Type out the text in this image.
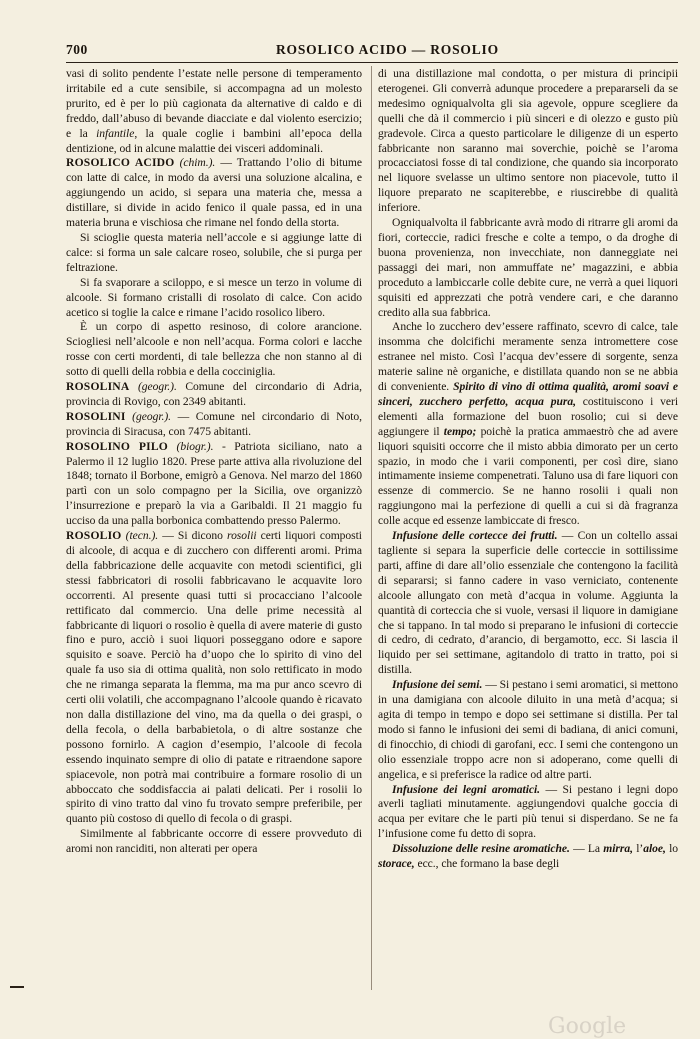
700	ROSOLICO ACIDO — ROSOLIO

vasi di solito pendente l’estate nelle persone di temperamento irritabile ed a cute sensibile, si accompagna ad un molesto prurito, ed è per lo più cagionata da alternative di caldo e di freddo, dall’abuso di bevande diacciate e dal violento esercizio; e la infantile, la quale coglie i bambini all’epoca della dentizione, od in alcune malattie dei visceri addominali.

ROSOLICO ACIDO (chim.). — Trattando l’olio di bitume con latte di calce, in modo da aversi una soluzione alcalina, e aggiungendo un acido, si separa una materia che, messa a distillare, si divide in acido fenico il quale passa, ed in una materia bruna e vischiosa che rimane nel fondo della storta.

Si scioglie questa materia nell’accole e si aggiunge latte di calce: si forma un sale calcare roseo, solubile, che si purga per feltrazione.

Si fa svaporare a sciloppo, e si mesce un terzo in volume di alcoole. Si formano cristalli di rosolato di calce. Con acido acetico si toglie la calce e rimane l’acido rosolico libero.

È un corpo di aspetto resinoso, di colore arancione. Sciogliesi nell’alcoole e non nell’acqua. Forma colori e lacche rosse con certi mordenti, di tale bellezza che non stanno al di sotto di quelli della robbia e della cocciniglia.

ROSOLINA (geogr.). Comune del circondario di Adria, provincia di Rovigo, con 2349 abitanti.

ROSOLINI (geogr.). — Comune nel circondario di Noto, provincia di Siracusa, con 7475 abitanti.

ROSOLINO PILO (biogr.). - Patriota siciliano, nato a Palermo il 12 luglio 1820. Prese parte attiva alla rivoluzione del 1848; tornato il Borbone, emigrò a Genova. Nel marzo del 1860 partì con un solo compagno per la Sicilia, ove organizzò l’insurrezione e preparò la via a Garibaldi. Il 21 maggio fu ucciso da una palla borbonica combattendo presso Palermo.

ROSOLIO (tecn.). — Si dicono rosolii certi liquori composti di alcoole, di acqua e di zucchero con differenti aromi. Prima della fabbricazione delle acquavite con metodi scientifici, gli stessi fabbricatori di rosolii fabbricavano le acquavite loro occorrenti. Al presente quasi tutti si procacciano l’alcoole rettificato dal commercio. Una delle prime necessità al fabbricante di liquori o rosolio è quella di avere materie di gusto fino e puro, acciò i suoi liquori posseggano odore e sapore squisito e soave. Perciò ha d’uopo che lo spirito di vino del quale fa uso sia di ottima qualità, non solo rettificato in modo che ne rimanga separata la flemma, ma ma pur anco scevro di certi olii volatili, che accompagnano l’alcoole quando è ricavato non dalla distillazione del vino, ma da quella o dei graspi, o della fecola, o della barbabietola, o di altre sostanze che possono fornirlo. A cagion d’esempio, l’alcoole di fecola essendo inquinato sempre di olio di patate e ritraendone sapore spiacevole, non potrà mai contribuire a formare rosolio di un abboccato che soddisfaccia ai palati delicati. Per i rosolii lo spirito di vino tratto dal vino fu trovato sempre preferibile, per quanto più costoso di quello di fecola o di graspi.

Similmente al fabbricante occorre di essere provveduto di aromi non ranciditi, non alterati per opera

di una distillazione mal condotta, o per mistura di principii eterogenei. Gli converrà adunque procedere a prepararseli da se medesimo ogniqualvolta gli sia agevole, oppure scegliere da quelli che dà il commercio i più sinceri e di olezzo e gusto più gradevole. Circa a questo particolare le diligenze di un esperto fabbricante non saranno mai soverchie, poichè se l’aroma procacciatosi fosse di tal condizione, che quando sia incorporato nel liquore svelasse un ultimo sentore non piacevole, tutto il liquore preparato ne scapiterebbe, e riuscirebbe di qualità inferiore.

Ogniqualvolta il fabbricante avrà modo di ritrarre gli aromi da fiori, corteccie, radici fresche e colte a tempo, o da droghe di buona provenienza, non invecchiate, non danneggiate nei passaggi dei mari, non ammuffate ne’ magazzini, e abbia proceduto a lambiccarle colle debite cure, ne verrà a quei liquori squisiti ed apprezzati che potrà vendere cari, e che daranno credito alla sua fabbrica.

Anche lo zucchero dev’essere raffinato, scevro di calce, tale insomma che dolcifichi meramente senza intromettere cose estranee nel misto. Così l’acqua dev’essere di sorgente, senza materie saline nè organiche, e distillata quando non se ne abbia di conveniente. Spirito di vino di ottima qualità, aromi soavi e sinceri, zucchero perfetto, acqua pura, costituiscono i veri elementi alla formazione del buon rosolio; cui si deve aggiungere il tempo; poichè la pratica ammaestrò che ad avere liquori squisiti occorre che il misto abbia dimorato per un certo spazio, in modo che i varii componenti, per così dire, siano intimamente insieme compenetrati. Taluno usa di fare liquori con essenze di commercio. Se ne hanno rosolii i quali non raggiungono mai la perfezione di quelli a cui si dà fragranza colle acque ed essenze lambiccate di fresco.

Infusione delle cortecce dei frutti. — Con un coltello assai tagliente si separa la superficie delle corteccie in sottilissime parti, affine di dare all’olio essenziale che contengono la facilità di separarsi; si fanno cadere in vaso verniciato, contenente alcoole allungato con metà d’acqua in volume. Aggiunta la quantità di corteccia che si vuole, versasi il liquore in damigiane che si tappano. In tal modo si preparano le infusioni di corteccie di cedro, di cedrato, d’arancio, di bergamotto, ecc. Si lascia il liquido per sei settimane, agitandolo di tratto in tratto, poi si distilla.

Infusione dei semi. — Si pestano i semi aromatici, si mettono in una damigiana con alcoole diluito in una metà d’acqua; si agita di tempo in tempo e dopo sei settimane si distilla. Per tal modo si fanno le infusioni dei semi di badiana, di anici comuni, di finocchio, di chiodi di garofani, ecc. I semi che contengono un olio essenziale troppo acre non si adoperano, come quelli di angelica, e si preferisce la radice od altre parti.

Infusione dei legni aromatici. — Si pestano i legni dopo averli tagliati minutamente. aggiungendovi qualche goccia di acqua per evitare che le parti più tenui si disperdano. Se ne fa l’infusione come fu detto di sopra.

Dissoluzione delle resine aromatiche. — La mirra, l’aloe, lo storace, ecc., che formano la base degli

Google
